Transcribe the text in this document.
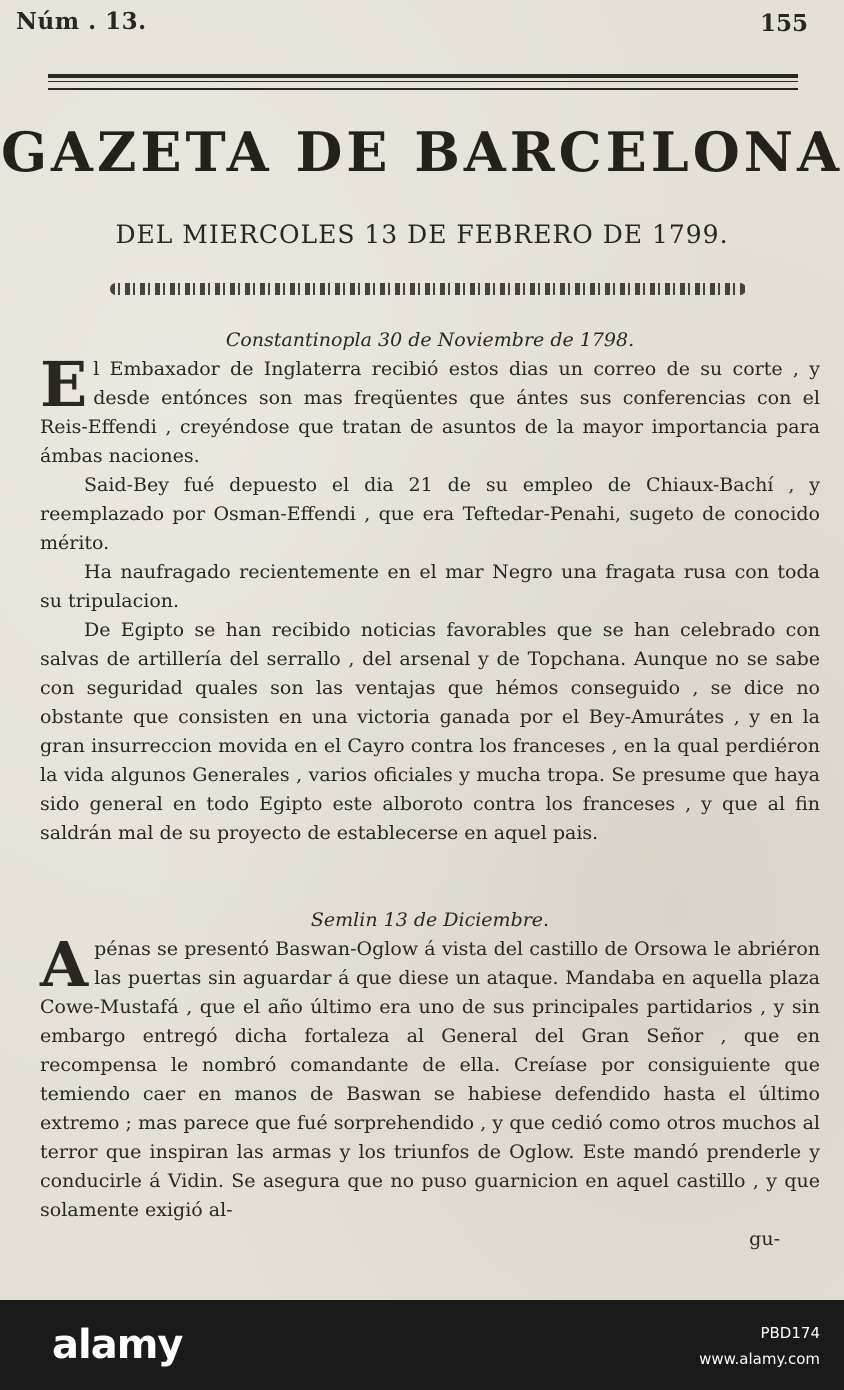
Núm . 13.	155
GAZETA DE BARCELONA
DEL MIERCOLES 13 DE FEBRERO DE 1799.
Constantinopla 30 de Noviembre de 1798.

El Embaxador de Inglaterra recibió estos dias un correo de su corte , y desde entónces son mas freqüentes que ántes sus conferencias con el Reis-Effendi , creyéndose que tratan de asuntos de la mayor importancia para ámbas naciones.

Said-Bey fué depuesto el dia 21 de su empleo de Chiaux-Bachí , y reemplazado por Osman-Effendi , que era Teftedar-Penahi, sugeto de conocido mérito.

Ha naufragado recientemente en el mar Negro una fragata rusa con toda su tripulacion.

De Egipto se han recibido noticias favorables que se han celebrado con salvas de artillería del serrallo , del arsenal y de Topchana. Aunque no se sabe con seguridad quales son las ventajas que hémos conseguido , se dice no obstante que consisten en una victoria ganada por el Bey-Amurátes , y en la gran insurreccion movida en el Cayro contra los franceses , en la qual perdiéron la vida algunos Generales , varios oficiales y mucha tropa. Se presume que haya sido general en todo Egipto este alboroto contra los franceses , y que al fin saldrán mal de su proyecto de establecerse en aquel pais.

Semlin 13 de Diciembre.

Apénas se presentó Baswan-Oglow á vista del castillo de Orsowa le abriéron las puertas sin aguardar á que diese un ataque. Mandaba en aquella plaza Cowe-Mustafá , que el año último era uno de sus principales partidarios , y sin embargo entregó dicha fortaleza al General del Gran Señor , que en recompensa le nombró comandante de ella. Creíase por consiguiente que temiendo caer en manos de Baswan se habiese defendido hasta el último extremo ; mas parece que fué sorprehendido , y que cedió como otros muchos al terror que inspiran las armas y los triunfos de Oglow. Este mandó prenderle y conducirle á Vidin. Se asegura que no puso guarnicion en aquel castillo , y que solamente exigió al-

gu-
alamy	PBD174
www.alamy.com
